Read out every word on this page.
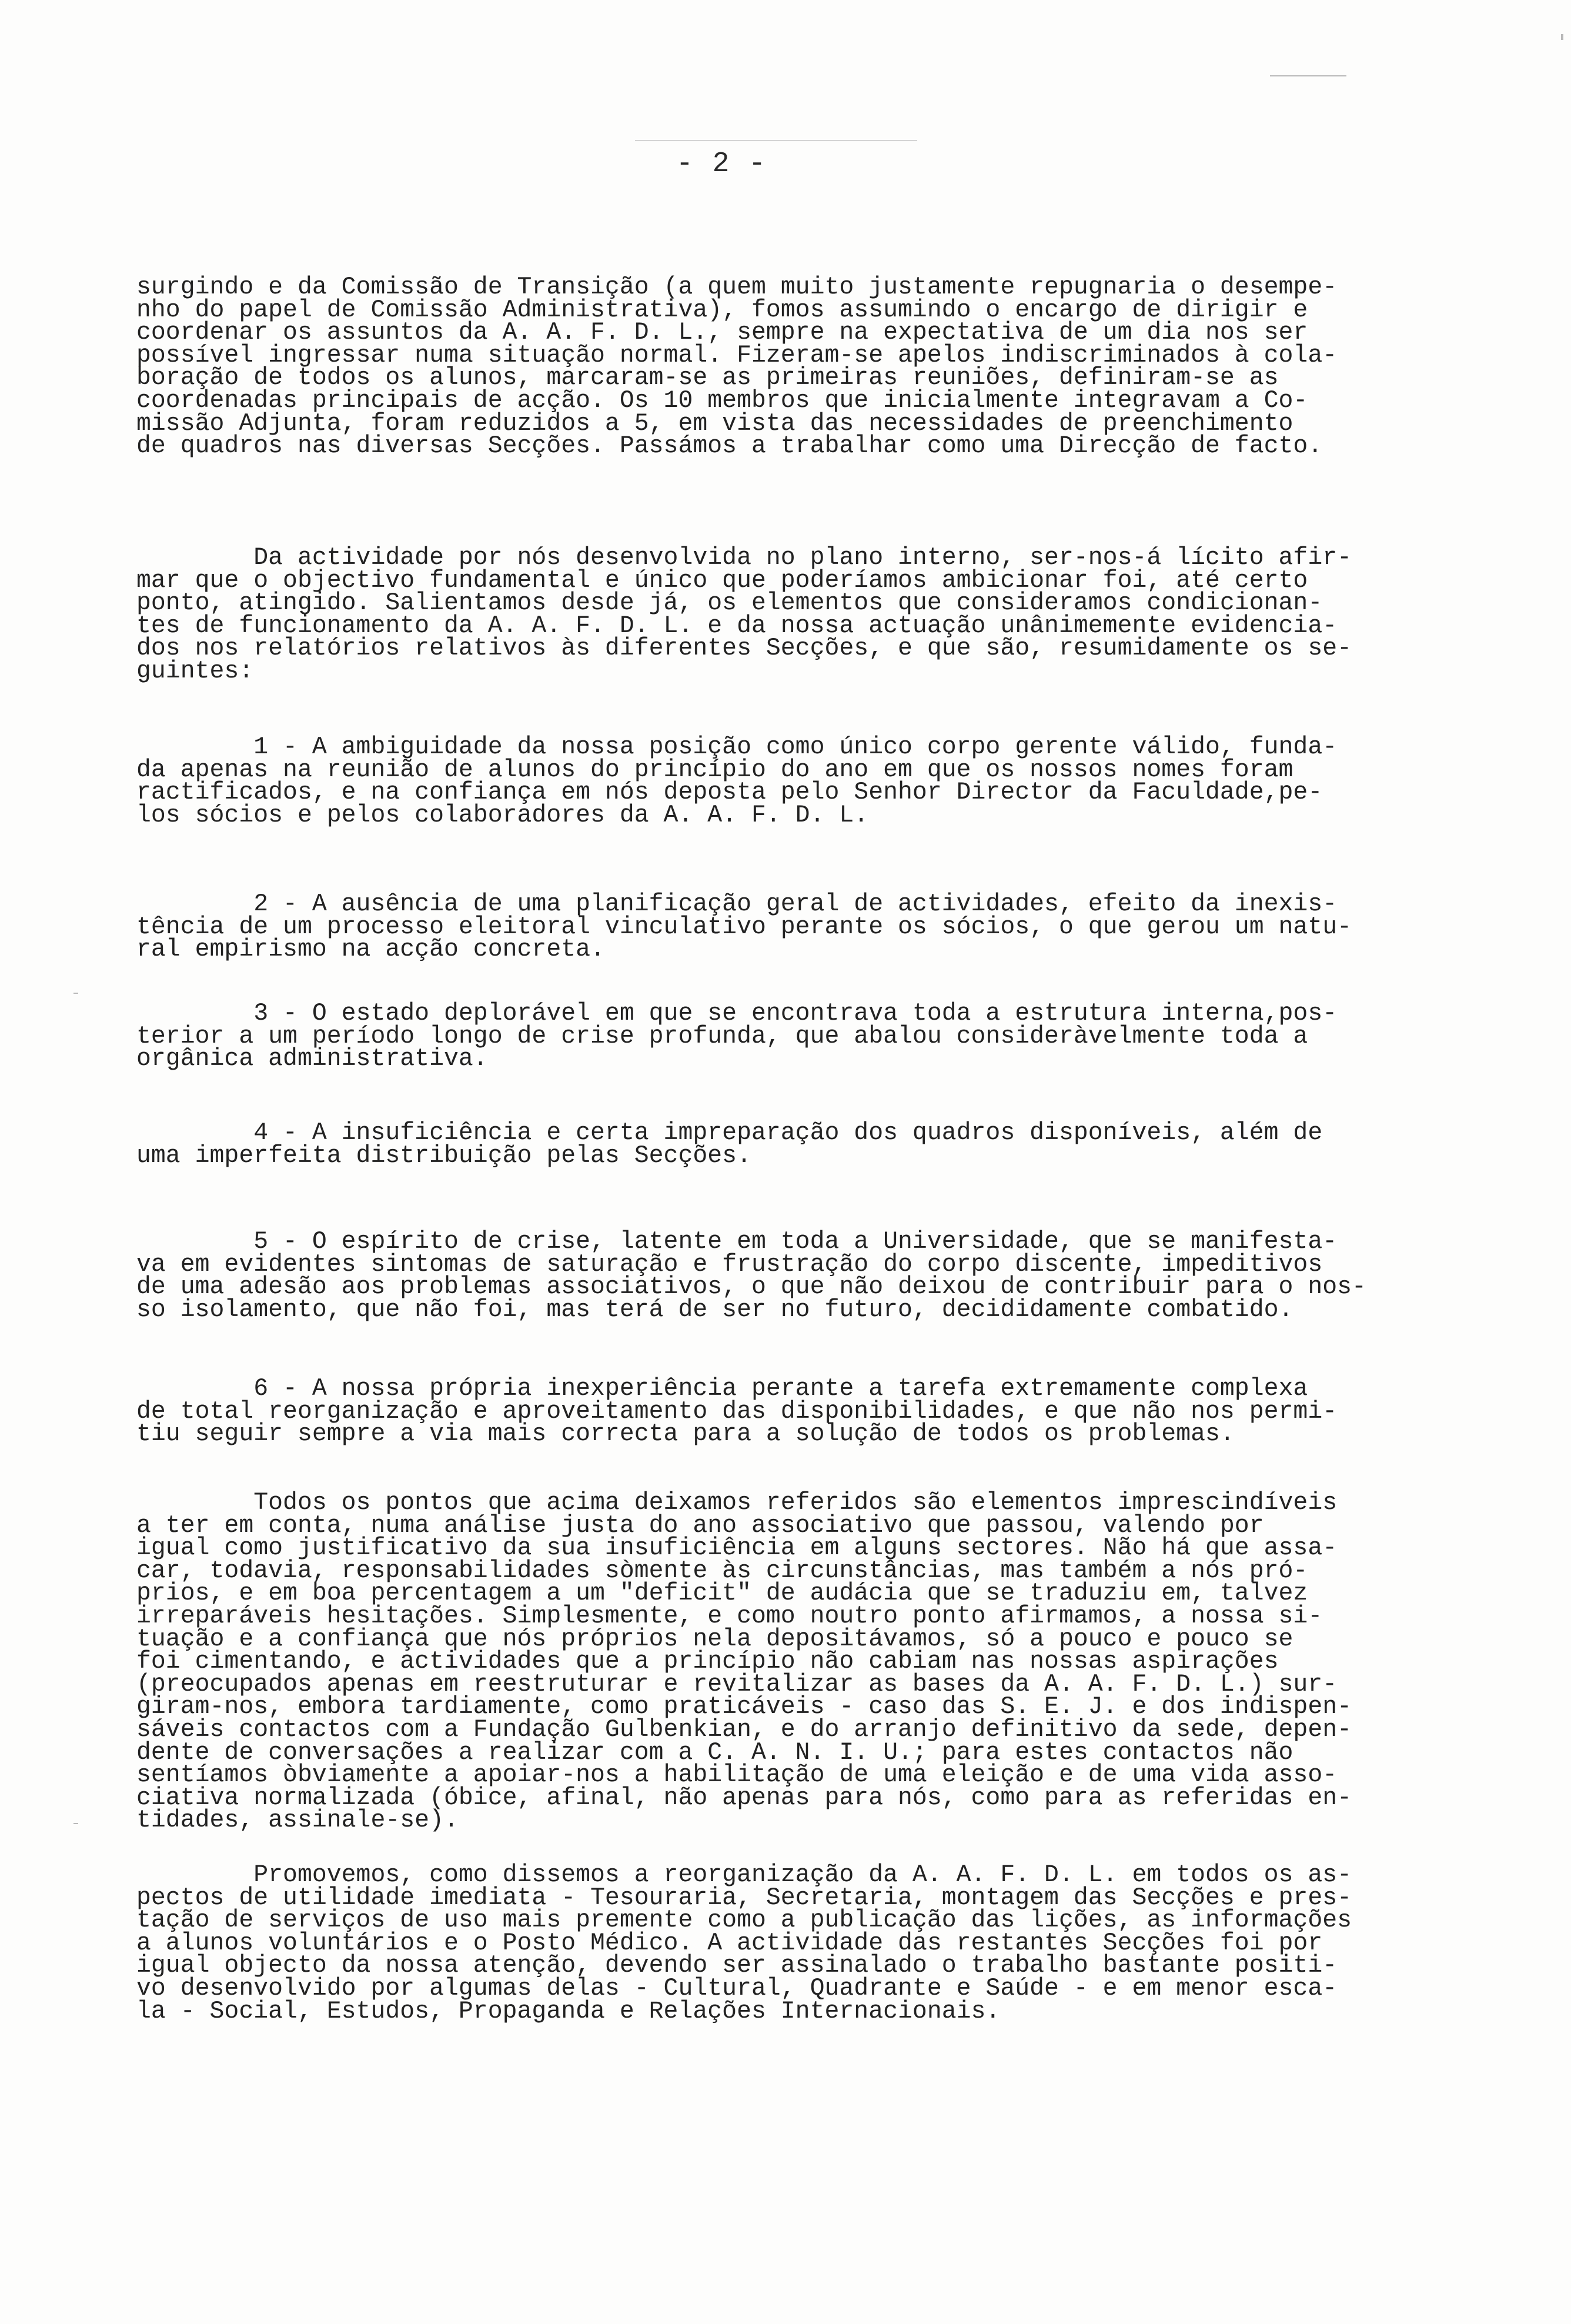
- 2 -
surgindo e da Comissão de Transição (a quem muito justamente repugnaria o desempe-
nho do papel de Comissão Administrativa), fomos assumindo o encargo de dirigir e
coordenar os assuntos da A. A. F. D. L., sempre na expectativa de um dia nos ser
possível ingressar numa situação normal. Fizeram-se apelos indiscriminados à cola-
boração de todos os alunos, marcaram-se as primeiras reuniões, definiram-se as
coordenadas principais de acção. Os 10 membros que inicialmente integravam a Co-
missão Adjunta, foram reduzidos a 5, em vista das necessidades de preenchimento
de quadros nas diversas Secções. Passámos a trabalhar como uma Direcção de facto.
Da actividade por nós desenvolvida no plano interno, ser-nos-á lícito afir-
mar que o objectivo fundamental e único que poderíamos ambicionar foi, até certo
ponto, atingido. Salientamos desde já, os elementos que consideramos condicionan-
tes de funcionamento da A. A. F. D. L. e da nossa actuação unânimemente evidencia-
dos nos relatórios relativos às diferentes Secções, e que são, resumidamente os se-
guintes:
1 - A ambiguidade da nossa posição como único corpo gerente válido, funda-
da apenas na reunião de alunos do princípio do ano em que os nossos nomes foram
ractificados, e na confiança em nós deposta pelo Senhor Director da Faculdade,pe-
los sócios e pelos colaboradores da A. A. F. D. L.
2 - A ausência de uma planificação geral de actividades, efeito da inexis-
tência de um processo eleitoral vinculativo perante os sócios, o que gerou um natu-
ral empirismo na acção concreta.
3 - O estado deplorável em que se encontrava toda a estrutura interna,pos-
terior a um período longo de crise profunda, que abalou consideràvelmente toda a
orgânica administrativa.
4 - A insuficiência e certa impreparação dos quadros disponíveis, além de
uma imperfeita distribuição pelas Secções.
5 - O espírito de crise, latente em toda a Universidade, que se manifesta-
va em evidentes sintomas de saturação e frustração do corpo discente, impeditivos
de uma adesão aos problemas associativos, o que não deixou de contribuir para o nos-
so isolamento, que não foi, mas terá de ser no futuro, decididamente combatido.
6 - A nossa própria inexperiência perante a tarefa extremamente complexa
de total reorganização e aproveitamento das disponibilidades, e que não nos permi-
tiu seguir sempre a via mais correcta para a solução de todos os problemas.
Todos os pontos que acima deixamos referidos são elementos imprescindíveis
a ter em conta, numa análise justa do ano associativo que passou, valendo por
igual como justificativo da sua insuficiência em alguns sectores. Não há que assa-
car, todavia, responsabilidades sòmente às circunstâncias, mas também a nós pró-
prios, e em boa percentagem a um "deficit" de audácia que se traduziu em, talvez
irreparáveis hesitações. Simplesmente, e como noutro ponto afirmamos, a nossa si-
tuação e a confiança que nós próprios nela depositávamos, só a pouco e pouco se
foi cimentando, e actividades que a princípio não cabiam nas nossas aspirações
(preocupados apenas em reestruturar e revitalizar as bases da A. A. F. D. L.) sur-
giram-nos, embora tardiamente, como praticáveis - caso das S. E. J. e dos indispen-
sáveis contactos com a Fundação Gulbenkian, e do arranjo definitivo da sede, depen-
dente de conversações a realizar com a C. A. N. I. U.; para estes contactos não
sentíamos òbviamente a apoiar-nos a habilitação de uma eleição e de uma vida asso-
ciativa normalizada (óbice, afinal, não apenas para nós, como para as referidas en-
tidades, assinale-se).
Promovemos, como dissemos a reorganização da A. A. F. D. L. em todos os as-
pectos de utilidade imediata - Tesouraria, Secretaria, montagem das Secções e pres-
tação de serviços de uso mais premente como a publicação das lições, as informações
a alunos voluntários e o Posto Médico. A actividade das restantes Secções foi por
igual objecto da nossa atenção, devendo ser assinalado o trabalho bastante positi-
vo desenvolvido por algumas delas - Cultural, Quadrante e Saúde - e em menor esca-
la - Social, Estudos, Propaganda e Relações Internacionais.
